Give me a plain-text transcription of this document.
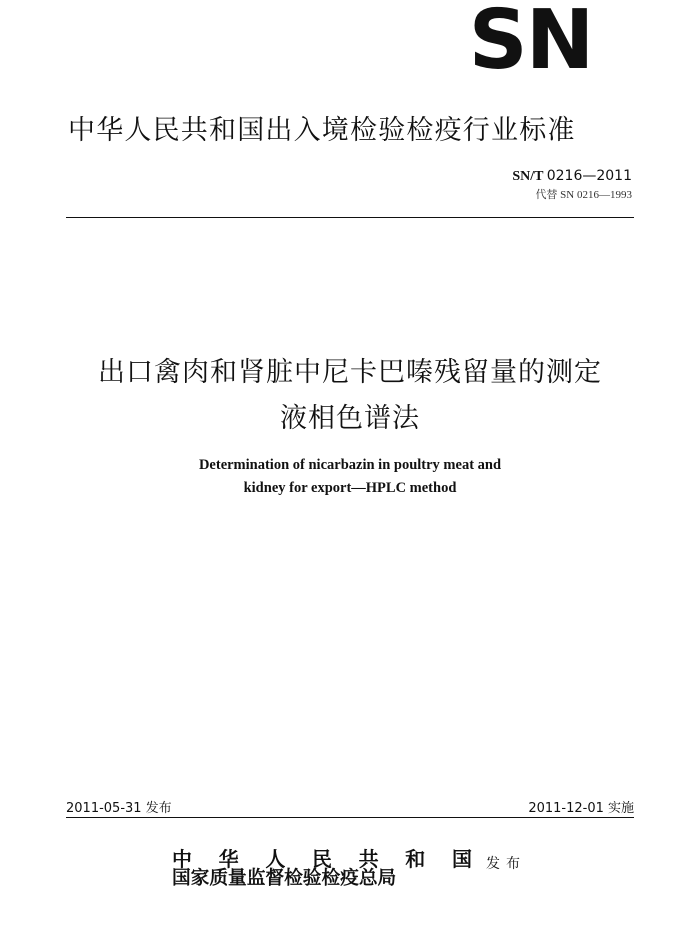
SN
中华人民共和国出入境检验检疫行业标准
SN/T 0216—2011
代替 SN 0216—1993
出口禽肉和肾脏中尼卡巴嗪残留量的测定
液相色谱法
Determination of nicarbazin in poultry meat and
kidney for export—HPLC method
2011-05-31 发布	2011-12-01 实施
中 华 人 民 共 和 国
国家质量监督检验检疫总局
发布
